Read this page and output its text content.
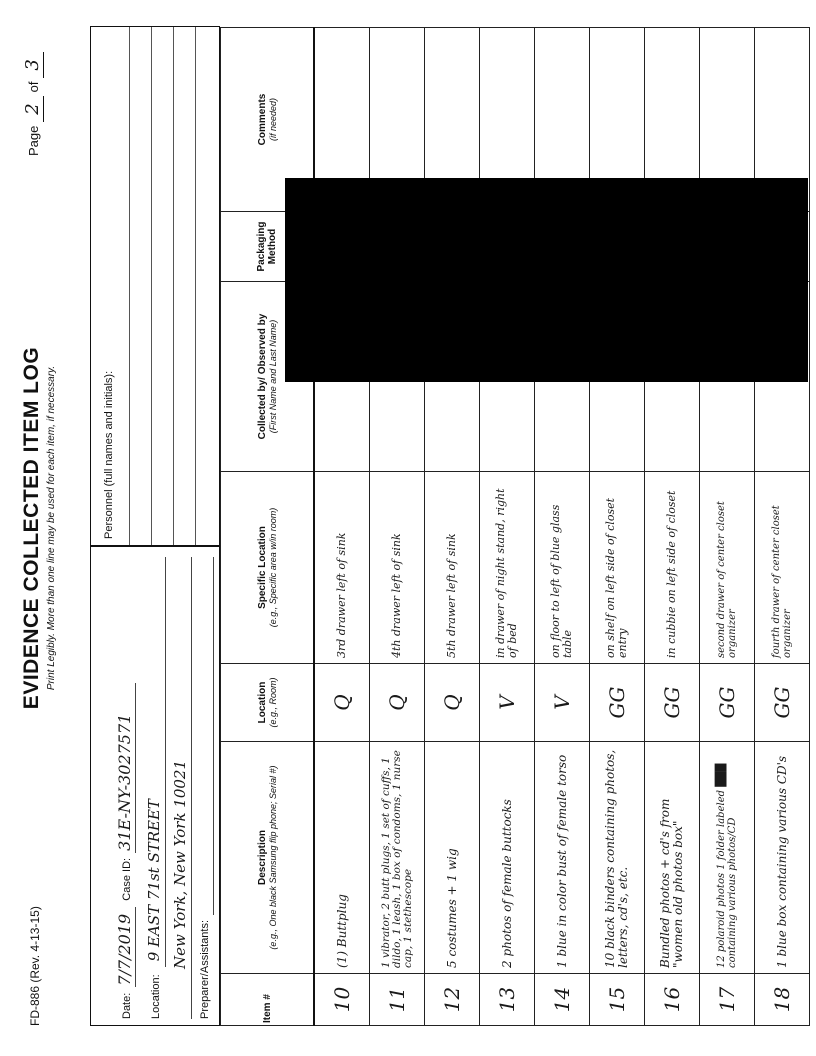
FD-886 (Rev. 4-13-15)
EVIDENCE COLLECTED ITEM LOG Print Legibly. More than one line may be used for each item, if necessary.
Page 2 of 3
Date: 7/7/2019 Case ID: 31E-NY-3027571
Location: 9 EAST 71st STREET New York, New York 10021
Preparer/Assistants:
Personnel (full names and initials):
Item #	Description (e.g., One black Samsung flip phone; Serial #)	Location (e.g., Room)	Specific Location (e.g., Specific area w/in room)	Collected by/ Observed by (First Name and Last Name)	Packaging Method	Comments (if needed)

10	(1) Buttplug	Q	3rd drawer left of sink			
11	1 vibrator, 2 butt plugs, 1 set of cuffs, 1 dildo, 1 leash, 1 box of condoms, 1 nurse cap, 1 stethescope	Q	4th drawer left of sink			
12	5 costumes + 1 wig	Q	5th drawer left of sink			
13	2 photos of female buttocks	V	in drawer of night stand, right of bed			
14	1 blue in color bust of female torso	V	on floor to left of blue glass table			
15	10 black binders containing photos, letters, cd's, etc.	GG	on shelf on left side of closet entry			
16	Bundled photos + cd's from "women old photos box"	GG	in cubbie on left side of closet			
17	12 polaroid photos 1 folder labeled ███ containing various photos/CD	GG	second drawer of center closet organizer			
18	1 blue box containing various CD's	GG	fourth drawer of center closet organizer			
